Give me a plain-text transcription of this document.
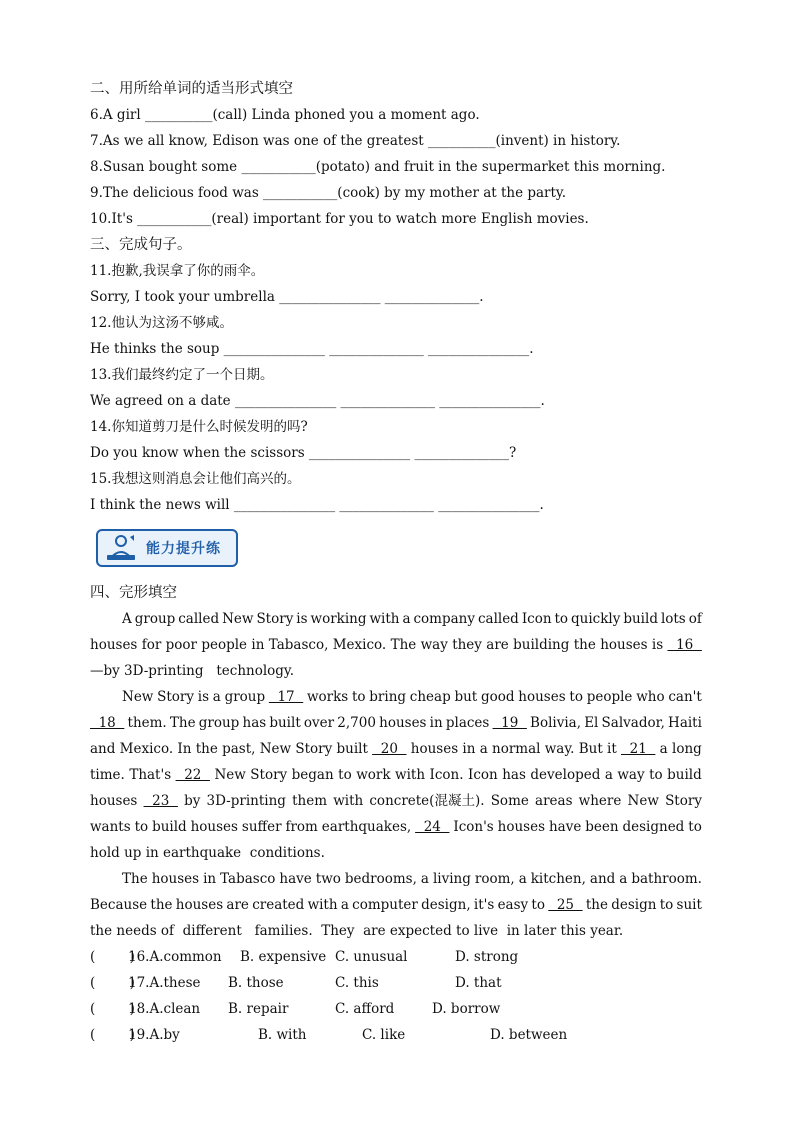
二、用所给单词的适当形式填空
6.A girl __________(call) Linda phoned you a moment ago.
7.As we all know, Edison was one of the greatest __________(invent) in history.
8.Susan bought some ___________(potato) and fruit in the supermarket this morning.
9.The delicious food was ___________(cook) by my mother at the party.
10.It's ___________(real) important for you to watch more English movies.
三、完成句子。
11.抱歉,我误拿了你的雨伞。
Sorry, I took your umbrella _______________ ______________.
12.他认为这汤不够咸。
He thinks the soup _______________ ______________ _______________.
13.我们最终约定了一个日期。
We agreed on a date _______________ ______________ _______________.
14.你知道剪刀是什么时候发明的吗?
Do you know when the scissors _______________ ______________?
15.我想这则消息会让他们高兴的。
I think the news will _______________ ______________ _______________.
能力提升练
四、完形填空
A group called New Story is working with a company called Icon to quickly build lots of
houses for poor people in Tabasco, Mexico. The way they are building the houses is 16
—by 3D-printing   technology.
New Story is a group 17 works to bring cheap but good houses to people who can't
18 them. The group has built over 2,700 houses in places 19 Bolivia, El Salvador, Haiti
and Mexico. In the past, New Story built 20 houses in a normal way. But it 21 a long
time. That's 22 New Story began to work with Icon. Icon has developed a way to build
houses 23 by 3D-printing them with concrete(混凝土). Some areas where New Story
wants to build houses suffer from earthquakes, 24 Icon's houses have been designed to
hold up in earthquake  conditions.
The houses in Tabasco have two bedrooms, a living room, a kitchen, and a bathroom.
Because the houses are created with a computer design, it's easy to 25 the design to suit
the needs of  different   families.  They  are expected to live  in later this year.
(        )
16.A.common B. expensive C. unusual	D. strong
(        )
17.A.these B. those	C. this	D. that
(        )
18.A.clean B. repair	C. afford	D. borrow
(        )
19.A.by	B. with	C. like	D. between
